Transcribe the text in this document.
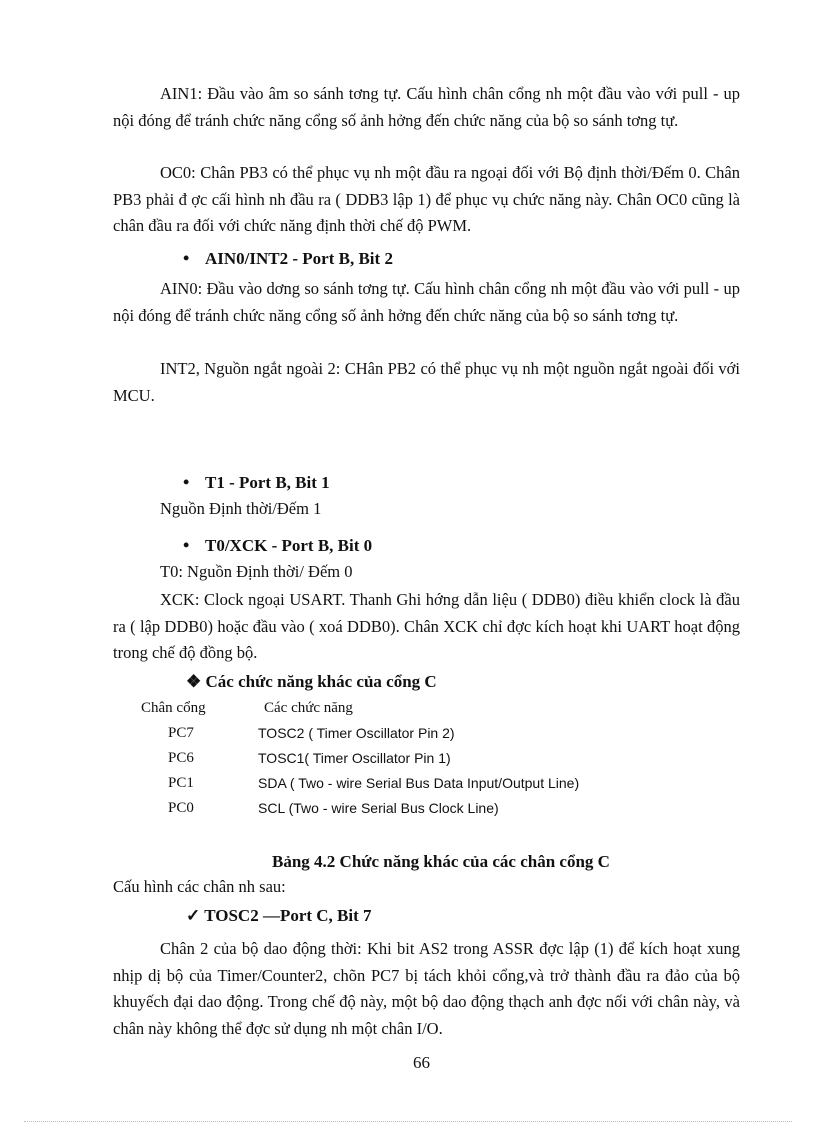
AIN1: Đầu vào âm so sánh tơng tự. Cấu hình chân cổng nh một đầu vào với pull - up nội đóng để tránh chức năng cổng số ảnh hởng đến chức năng của bộ so sánh tơng tự.
OC0: Chân PB3 có thể phục vụ nh một đầu ra ngoại đối với Bộ định thời/Đếm 0. Chân PB3 phải đ ợc cấi hình nh đầu ra ( DDB3 lập 1) để phục vụ chức năng này. Chân OC0 cũng là chân đầu ra đối với chức năng định thời chế độ PWM.
• AIN0/INT2 - Port B, Bit 2
AIN0: Đầu vào dơng so sánh tơng tự. Cấu hình chân cổng nh một đầu vào với pull - up nội đóng để tránh chức năng cổng số ảnh hởng đến chức năng của bộ so sánh tơng tự.
INT2, Nguồn ngắt ngoài 2: CHân PB2 có thể phục vụ nh một nguồn ngắt ngoài đối với MCU.
• T1 - Port B, Bit 1
Nguồn Định thời/Đếm 1
• T0/XCK - Port B, Bit 0
T0: Nguồn Định thời/ Đếm 0
XCK: Clock ngoại USART. Thanh Ghi hớng dẫn liệu ( DDB0) điều khiển clock là đầu ra ( lập DDB0) hoặc đầu vào ( xoá DDB0). Chân XCK chỉ đợc kích hoạt khi UART hoạt động trong chế độ đồng bộ.
❖ Các chức năng khác của cổng C
Chân cổng	Các chức năng
PC7	TOSC2 ( Timer Oscillator Pin 2)
PC6	TOSC1( Timer Oscillator Pin 1)
PC1	SDA ( Two - wire Serial Bus Data Input/Output Line)
PC0	SCL (Two - wire Serial Bus Clock Line)
Bảng 4.2 Chức năng khác của các chân cổng C
Cấu hình các chân nh sau:
✓ TOSC2 —Port C, Bit 7
Chân 2 của bộ dao động thời: Khi bit AS2 trong ASSR đợc lập (1) để kích hoạt xung nhịp dị bộ của Timer/Counter2, chõn PC7 bị tách khỏi cổng,và trở thành đầu ra đảo của bộ khuyếch đại dao động. Trong chế độ này, một bộ dao động thạch anh đợc nối với chân này, và chân này không thể đợc sử dụng nh một chân I/O.
66
